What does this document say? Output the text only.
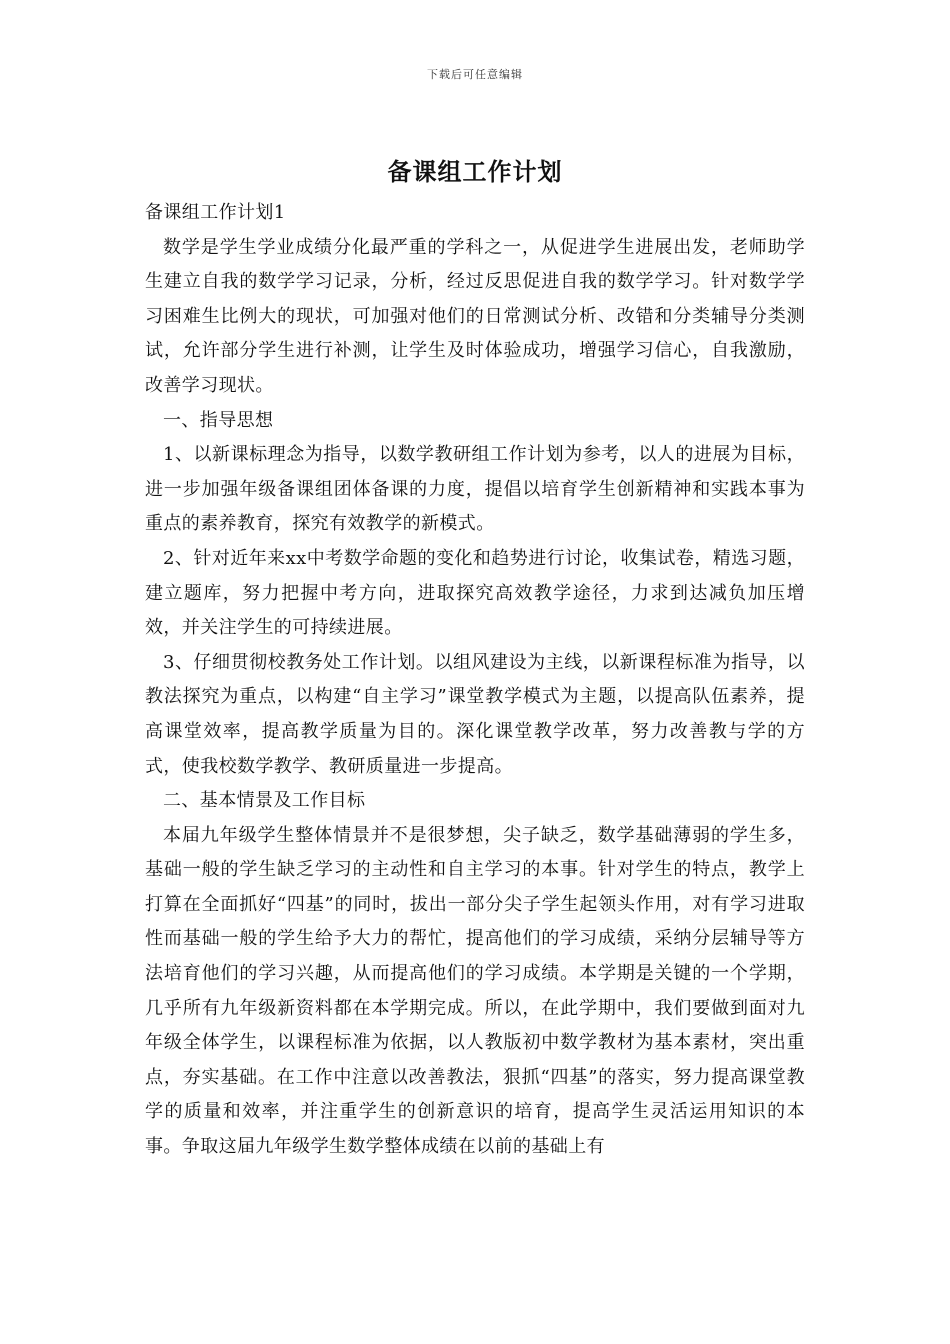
下载后可任意编辑
备课组工作计划

备课组工作计划1

数学是学生学业成绩分化最严重的学科之一，从促进学生进展出发，老师助学生建立自我的数学学习记录，分析，经过反思促进自我的数学学习。针对数学学习困难生比例大的现状，可加强对他们的日常测试分析、改错和分类辅导分类测试，允许部分学生进行补测，让学生及时体验成功，增强学习信心，自我激励，改善学习现状。

一、指导思想

1、以新课标理念为指导，以数学教研组工作计划为参考，以人的进展为目标，进一步加强年级备课组团体备课的力度，提倡以培育学生创新精神和实践本事为重点的素养教育，探究有效教学的新模式。

2、针对近年来xx中考数学命题的变化和趋势进行讨论，收集试卷，精选习题，建立题库，努力把握中考方向，进取探究高效教学途径，力求到达减负加压增效，并关注学生的可持续进展。

3、仔细贯彻校教务处工作计划。以组风建设为主线，以新课程标准为指导，以教法探究为重点，以构建“自主学习”课堂教学模式为主题，以提高队伍素养，提高课堂效率，提高教学质量为目的。深化课堂教学改革，努力改善教与学的方式，使我校数学教学、教研质量进一步提高。

二、基本情景及工作目标

本届九年级学生整体情景并不是很梦想，尖子缺乏，数学基础薄弱的学生多，基础一般的学生缺乏学习的主动性和自主学习的本事。针对学生的特点，教学上打算在全面抓好“四基”的同时，拔出一部分尖子学生起领头作用，对有学习进取性而基础一般的学生给予大力的帮忙，提高他们的学习成绩，采纳分层辅导等方法培育他们的学习兴趣，从而提高他们的学习成绩。本学期是关键的一个学期，几乎所有九年级新资料都在本学期完成。所以，在此学期中，我们要做到面对九年级全体学生，以课程标准为依据，以人教版初中数学教材为基本素材，突出重点，夯实基础。在工作中注意以改善教法，狠抓“四基”的落实，努力提高课堂教学的质量和效率，并注重学生的创新意识的培育，提高学生灵活运用知识的本事。争取这届九年级学生数学整体成绩在以前的基础上有
